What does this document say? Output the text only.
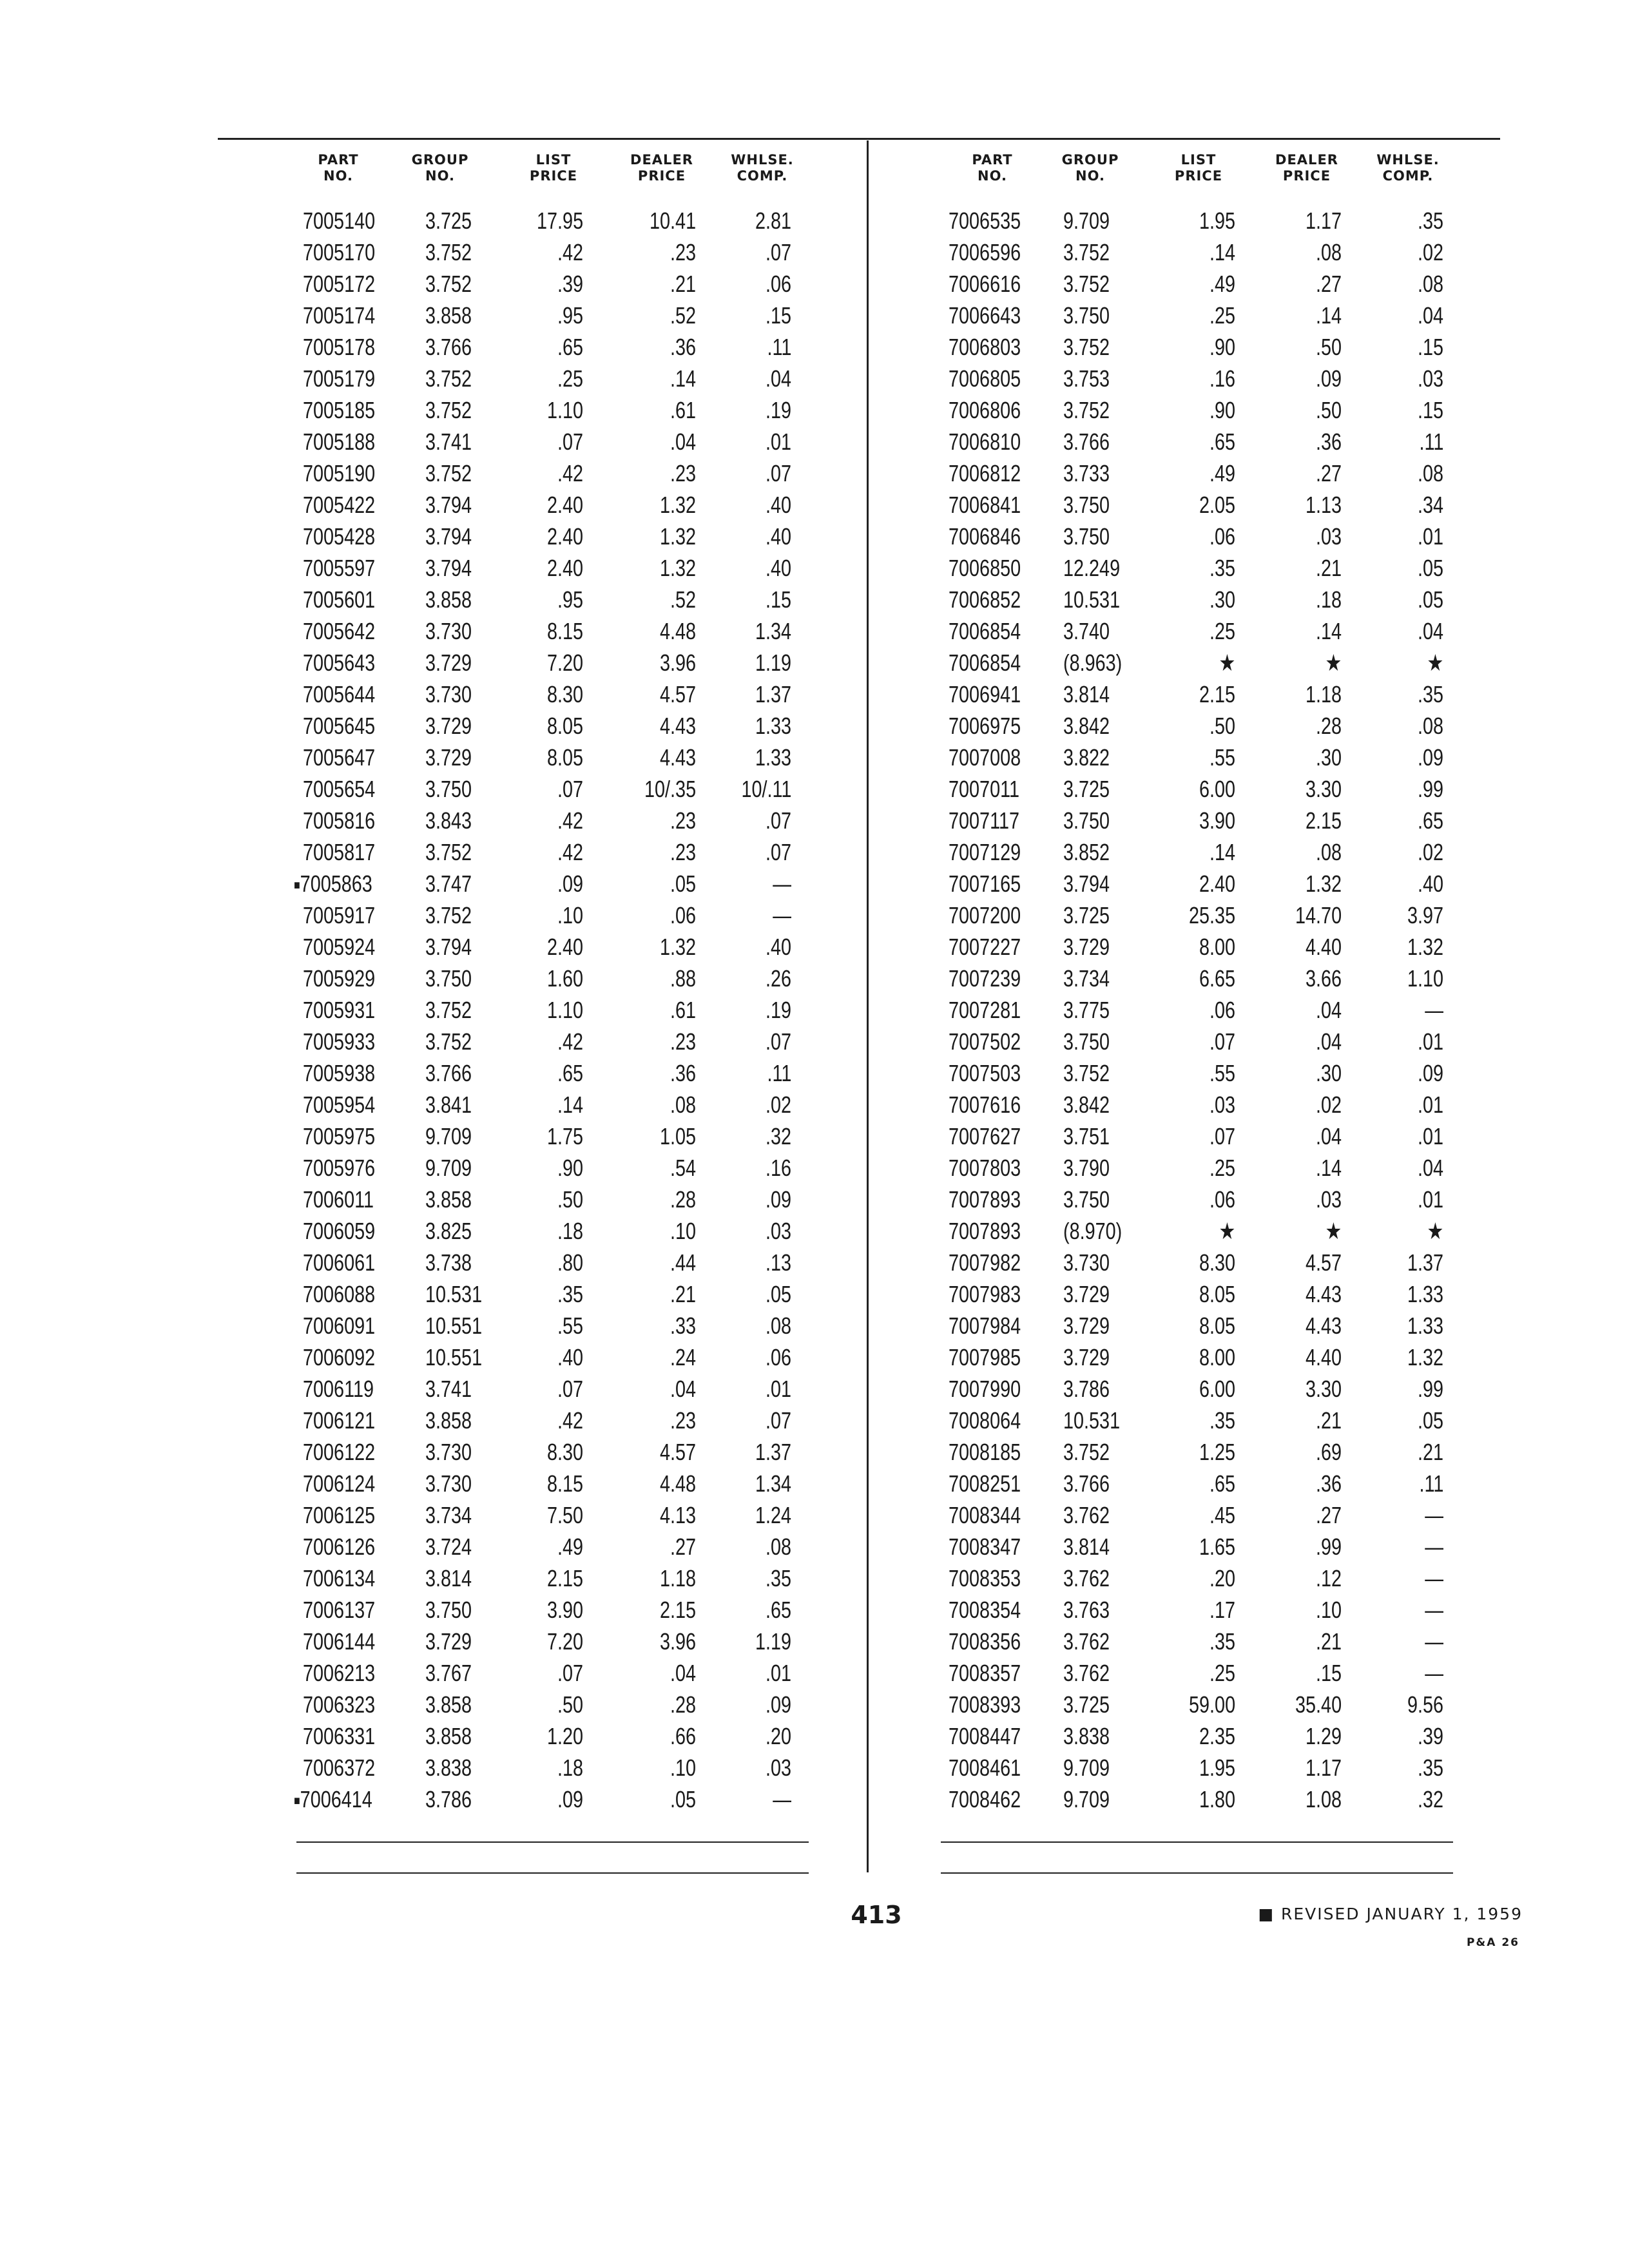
PART
NO.
GROUP
NO.
LIST
PRICE
DEALER
PRICE
WHLSE.
COMP.
7005140 3.725	17.95	10.41	2.81
7005170 3.752	.42	.23	.07
7005172 3.752	.39	.21	.06
7005174 3.858	.95	.52	.15
7005178 3.766	.65	.36	.11
7005179 3.752	.25	.14	.04
7005185 3.752	1.10	.61	.19
7005188 3.741	.07	.04	.01
7005190 3.752	.42	.23	.07
7005422 3.794	2.40	1.32	.40
7005428 3.794	2.40	1.32	.40
7005597 3.794	2.40	1.32	.40
7005601 3.858	.95	.52	.15
7005642 3.730	8.15	4.48	1.34
7005643 3.729	7.20	3.96	1.19
7005644 3.730	8.30	4.57	1.37
7005645 3.729	8.05	4.43	1.33
7005647 3.729	8.05	4.43	1.33
7005654 3.750	.07	10/.35 10/.11
7005816 3.843	.42	.23	.07
7005817 3.752	.42	.23	.07
■7005863 3.747	.09	.05	—
7005917 3.752	.10	.06	—
7005924 3.794	2.40	1.32	.40
7005929 3.750	1.60	.88	.26
7005931 3.752	1.10	.61	.19
7005933 3.752	.42	.23	.07
7005938 3.766	.65	.36	.11
7005954 3.841	.14	.08	.02
7005975 9.709	1.75	1.05	.32
7005976 9.709	.90	.54	.16
7006011 3.858	.50	.28	.09
7006059 3.825	.18	.10	.03
7006061 3.738	.80	.44	.13
7006088 10.531	.35	.21	.05
7006091 10.551	.55	.33	.08
7006092 10.551	.40	.24	.06
7006119 3.741	.07	.04	.01
7006121 3.858	.42	.23	.07
7006122 3.730	8.30	4.57	1.37
7006124 3.730	8.15	4.48	1.34
7006125 3.734	7.50	4.13	1.24
7006126 3.724	.49	.27	.08
7006134 3.814	2.15	1.18	.35
7006137 3.750	3.90	2.15	.65
7006144 3.729	7.20	3.96	1.19
7006213 3.767	.07	.04	.01
7006323 3.858	.50	.28	.09
7006331 3.858	1.20	.66	.20
7006372 3.838	.18	.10	.03
■7006414 3.786	.09	.05	—
PART
NO.
GROUP
NO.
LIST
PRICE
DEALER
PRICE
WHLSE.
COMP.
7006535 9.709	1.95	1.17	.35
7006596 3.752	.14	.08	.02
7006616 3.752	.49	.27	.08
7006643 3.750	.25	.14	.04
7006803 3.752	.90	.50	.15
7006805 3.753	.16	.09	.03
7006806 3.752	.90	.50	.15
7006810 3.766	.65	.36	.11
7006812 3.733	.49	.27	.08
7006841 3.750	2.05	1.13	.34
7006846 3.750	.06	.03	.01
7006850 12.249	.35	.21	.05
7006852 10.531	.30	.18	.05
7006854 3.740	.25	.14	.04
7006854 (8.963)	★	★	★
7006941 3.814	2.15	1.18	.35
7006975 3.842	.50	.28	.08
7007008 3.822	.55	.30	.09
7007011 3.725	6.00	3.30	.99
7007117 3.750	3.90	2.15	.65
7007129 3.852	.14	.08	.02
7007165 3.794	2.40	1.32	.40
7007200 3.725	25.35	14.70	3.97
7007227 3.729	8.00	4.40	1.32
7007239 3.734	6.65	3.66	1.10
7007281 3.775	.06	.04	—
7007502 3.750	.07	.04	.01
7007503 3.752	.55	.30	.09
7007616 3.842	.03	.02	.01
7007627 3.751	.07	.04	.01
7007803 3.790	.25	.14	.04
7007893 3.750	.06	.03	.01
7007893 (8.970)	★	★	★
7007982 3.730	8.30	4.57	1.37
7007983 3.729	8.05	4.43	1.33
7007984 3.729	8.05	4.43	1.33
7007985 3.729	8.00	4.40	1.32
7007990 3.786	6.00	3.30	.99
7008064 10.531	.35	.21	.05
7008185 3.752	1.25	.69	.21
7008251 3.766	.65	.36	.11
7008344 3.762	.45	.27	—
7008347 3.814	1.65	.99	—
7008353 3.762	.20	.12	—
7008354 3.763	.17	.10	—
7008356 3.762	.35	.21	—
7008357 3.762	.25	.15	—
7008393 3.725	59.00	35.40	9.56
7008447 3.838	2.35	1.29	.39
7008461 9.709	1.95	1.17	.35
7008462 9.709	1.80	1.08	.32
413	■ REVISED JANUARY 1, 1959
P&A 26
